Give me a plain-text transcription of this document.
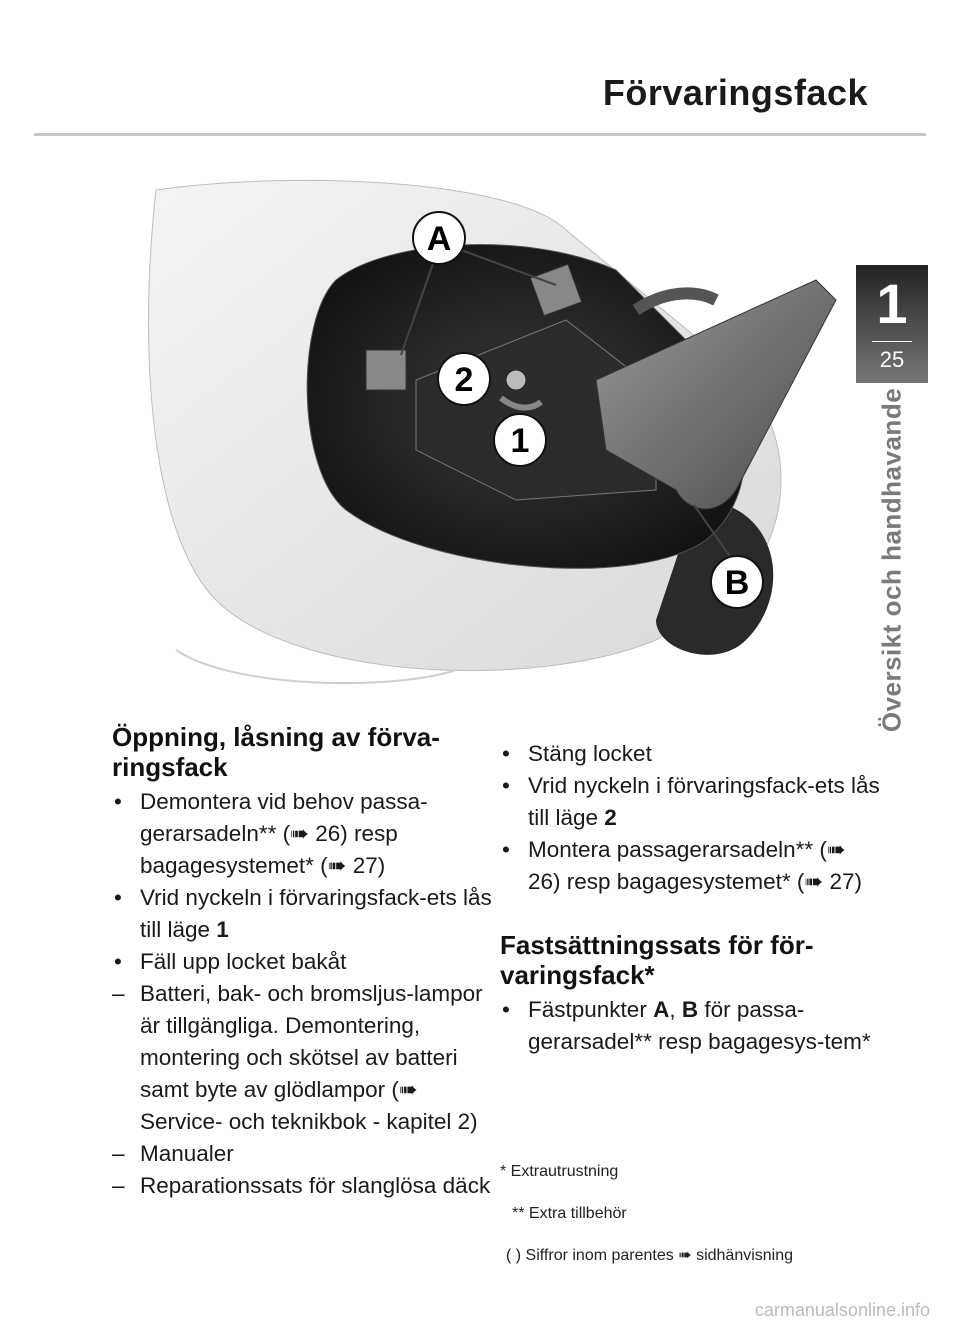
Förvaringsfack
1
25
Översikt och handhavande
A
2
1
B
Öppning, låsning av förva-ringsfack
• Demontera vid behov passa-gerarsadeln** (➠ 26) resp bagagesystemet* (➠ 27)
• Vrid nyckeln i förvaringsfack-ets lås till läge 1
• Fäll upp locket bakåt
– Batteri, bak- och bromsljus-lampor är tillgängliga. Demontering, montering och skötsel av batteri samt byte av glödlampor (➠ Service- och teknikbok - kapitel 2)
– Manualer
– Reparationssats för slanglösa däck
• Stäng locket
• Vrid nyckeln i förvaringsfack-ets lås till läge 2
• Montera passagerarsadeln** (➠ 26) resp bagagesystemet* (➠ 27)
Fastsättningssats för för-varingsfack*
• Fästpunkter A, B för passa-gerarsadel** resp bagagesys-tem*
* Extrautrustning
** Extra tillbehör
( ) Siffror inom parentes ➠ sidhänvisning
carmanualsonline.info
